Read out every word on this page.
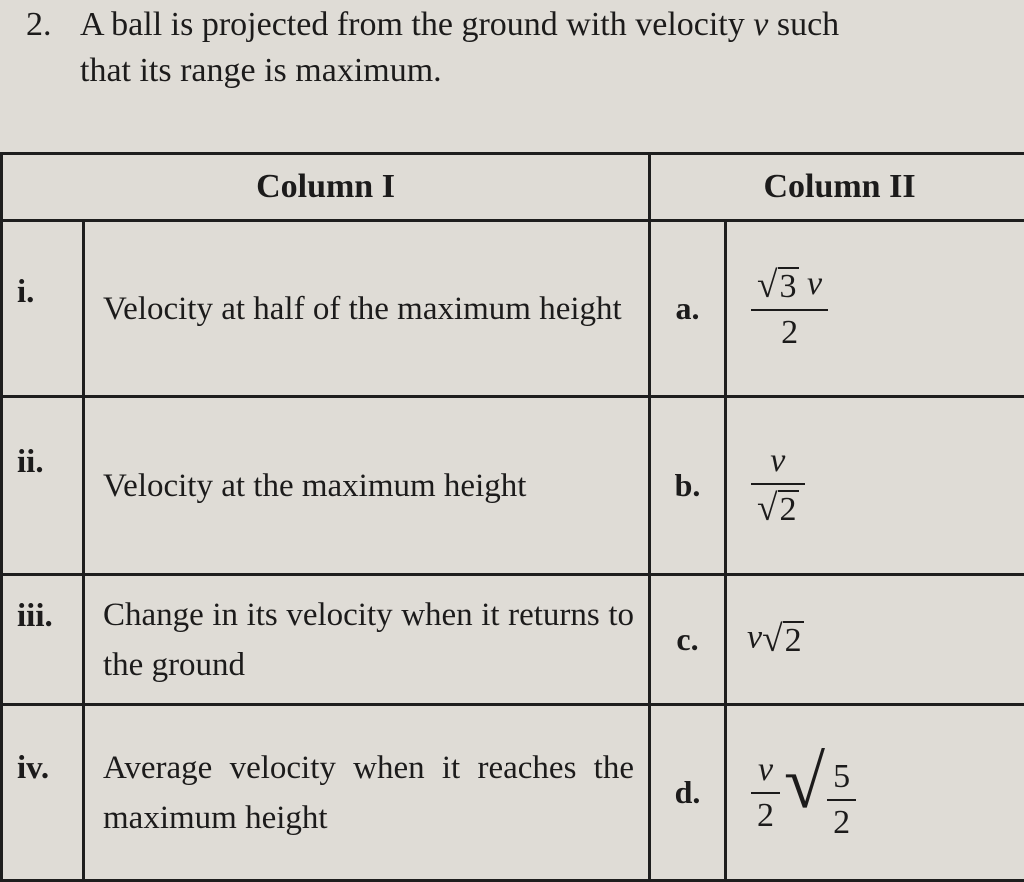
2. A ball is projected from the ground with velocity v such
that its range is maximum.
Column I		Column II	
i.	Velocity at half of the maximum height	a.	$\frac{√3 v}{2}$

ii.	Velocity at the maximum height	b.	$\frac{v}{√2}$

iii.	Change in its velocity when it returns to the ground	c.	v√2
iv.	Average velocity when it reaches the maximum height	d.	$\frac{v}{2}$ √ $\frac{5}{2}$
